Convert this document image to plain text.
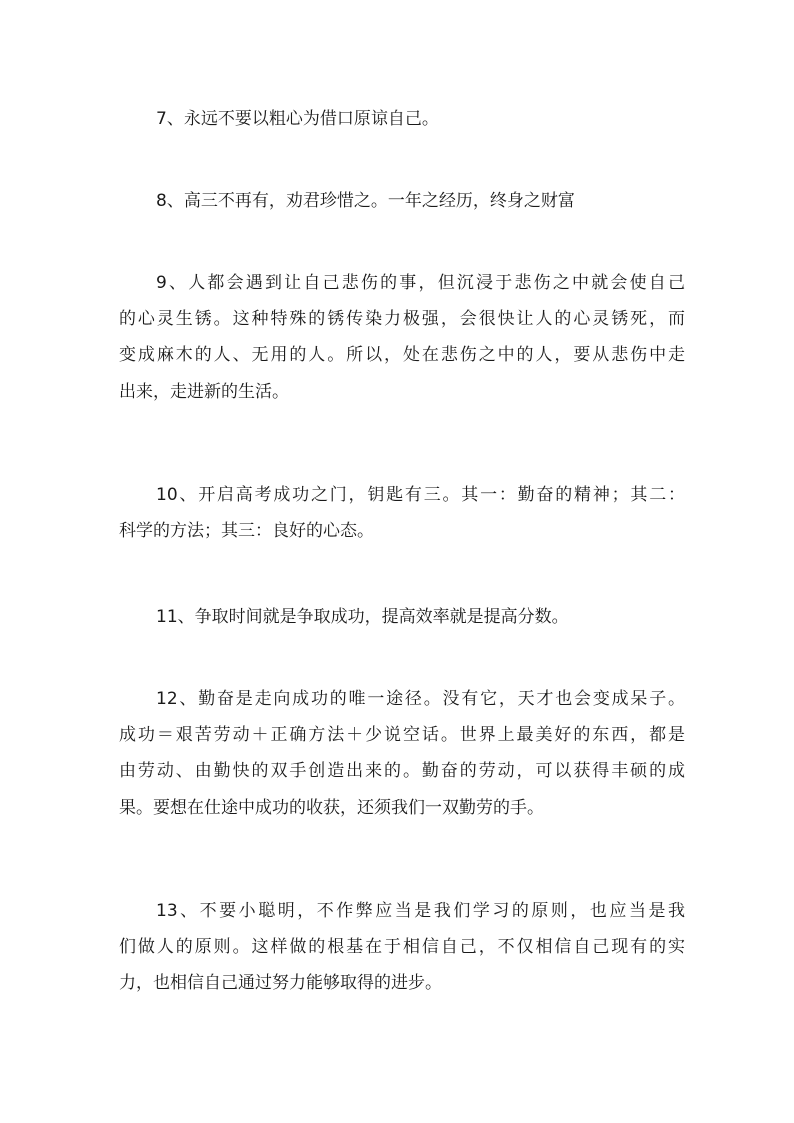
7、永远不要以粗心为借口原谅自己。

8、高三不再有，劝君珍惜之。一年之经历，终身之财富

9、人都会遇到让自己悲伤的事，但沉浸于悲伤之中就会使自己
的心灵生锈。这种特殊的锈传染力极强，会很快让人的心灵锈死，而
变成麻木的人、无用的人。所以，处在悲伤之中的人，要从悲伤中走
出来，走进新的生活。

10、开启高考成功之门，钥匙有三。其一：勤奋的精神；其二：
科学的方法；其三：良好的心态。

11、争取时间就是争取成功，提高效率就是提高分数。

12、勤奋是走向成功的唯一途径。没有它，天才也会变成呆子。
成功＝艰苦劳动＋正确方法＋少说空话。世界上最美好的东西，都是
由劳动、由勤快的双手创造出来的。勤奋的劳动，可以获得丰硕的成
果。要想在仕途中成功的收获，还须我们一双勤劳的手。

13、不要小聪明，不作弊应当是我们学习的原则，也应当是我
们做人的原则。这样做的根基在于相信自己，不仅相信自己现有的实
力，也相信自己通过努力能够取得的进步。
